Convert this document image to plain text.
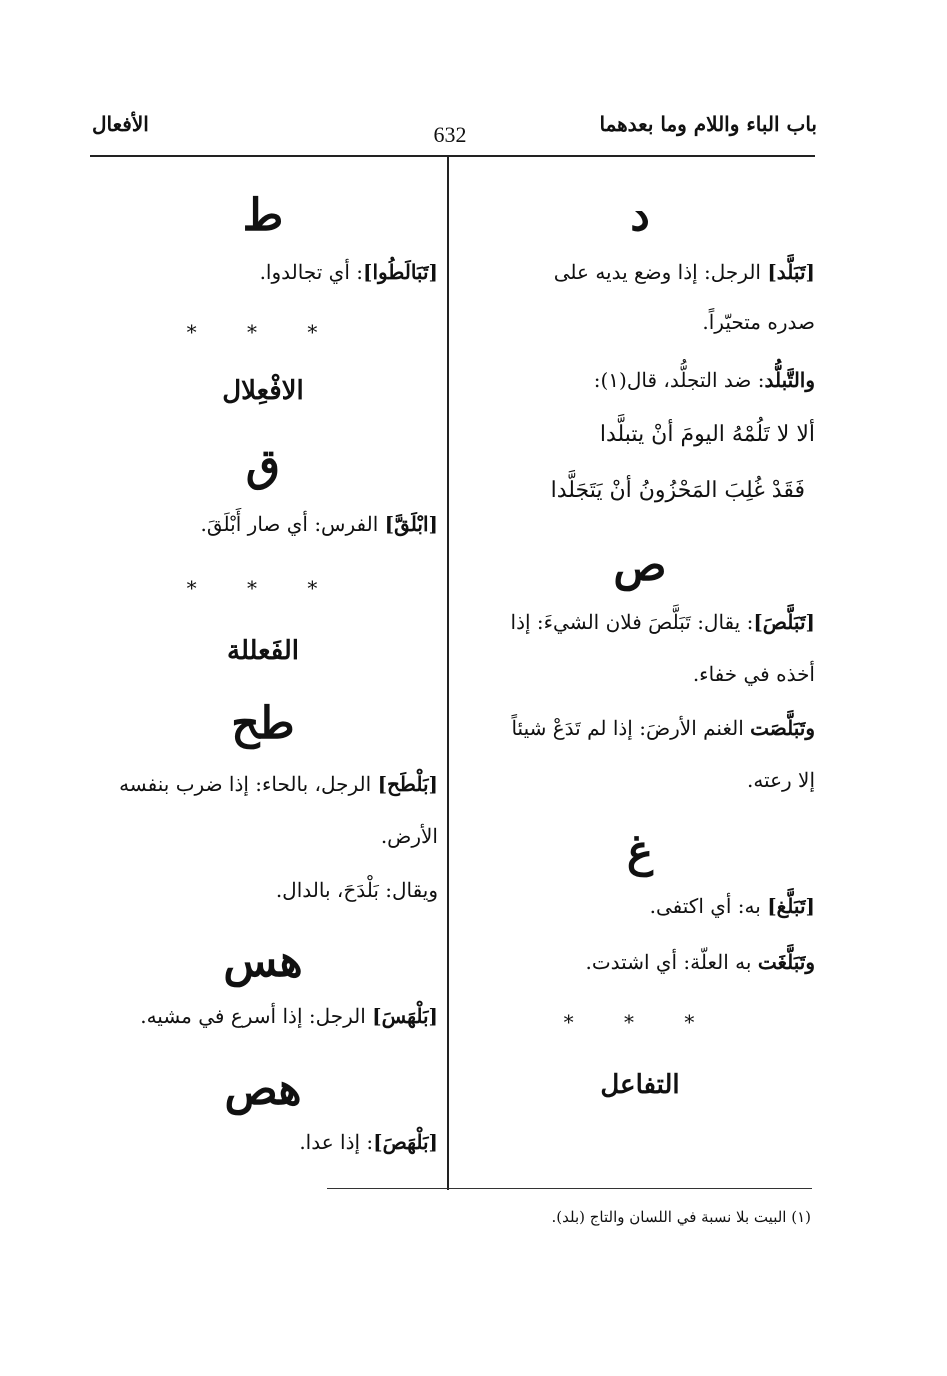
باب الباء واللام وما بعدهما
632
الأفعال
د
[تَبَلَّد] الرجل: إذا وضع يديه على
صدره متحيّراً.
والتَّبلُّد: ضد التجلُّد، قال(١):
ألا لا تَلُمْهُ اليومَ أنْ يتبلَّدا
فَقَدْ غُلِبَ المَحْزُونُ أنْ يَتَجَلَّدا
ص
[تَبَلَّصَ]: يقال: تَبَلَّصَ فلان الشيءَ: إذا
أخذه في خفاء.
وتَبَلَّصَت الغنم الأرضَ: إذا لم تَدَعْ شيئاً
إلا رعته.
غ
[تَبَلَّغ] به: أي اكتفى.
وتَبَلَّغَت به العلّة: أي اشتدت.
* * *
التفاعل
ط
[تَبَالَطُوا]: أي تجالدوا.
* * *
الافْعِلال
ق
[ابْلَقَّ] الفرس: أي صار أَبْلَقَ.
* * *
الفَعللة
طح
[بَلْطَح] الرجل، بالحاء: إذا ضرب بنفسه
الأرض.
ويقال: بَلْدَحَ، بالدال.
هس
[بَلْهَسَ] الرجل: إذا أسرع في مشيه.
هص
[بَلْهَصَ]: إذا عدا.
(١) البيت بلا نسبة في اللسان والتاج (بلد).
